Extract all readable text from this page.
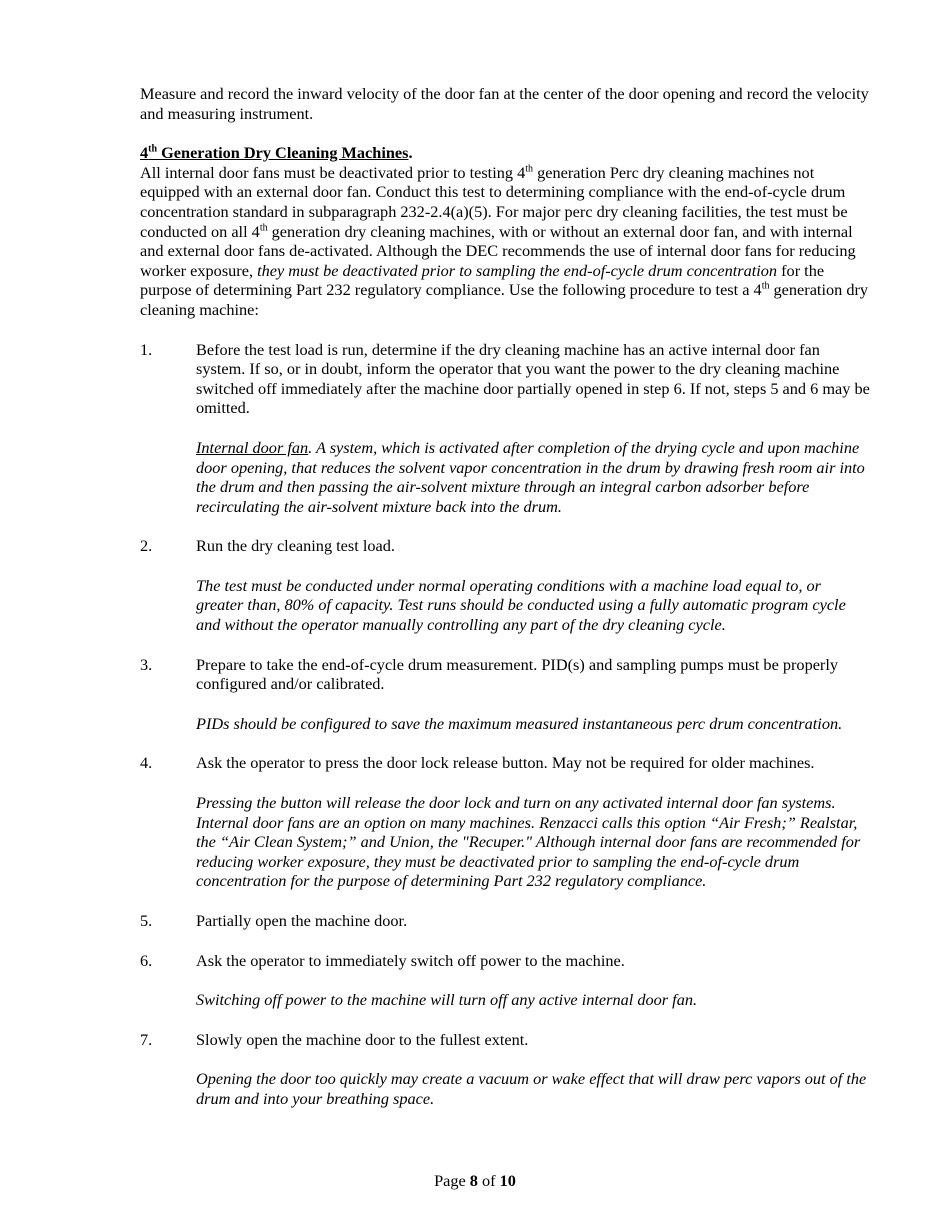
Measure and record the inward velocity of the door fan at the center of the door opening and record the velocity and measuring instrument.

4th Generation Dry Cleaning Machines.

All internal door fans must be deactivated prior to testing 4th generation Perc dry cleaning machines not equipped with an external door fan. Conduct this test to determining compliance with the end-of-cycle drum concentration standard in subparagraph 232-2.4(a)(5). For major perc dry cleaning facilities, the test must be conducted on all 4th generation dry cleaning machines, with or without an external door fan, and with internal and external door fans de-activated. Although the DEC recommends the use of internal door fans for reducing worker exposure, they must be deactivated prior to sampling the end-of-cycle drum concentration for the purpose of determining Part 232 regulatory compliance. Use the following procedure to test a 4th generation dry cleaning machine:

1.	Before the test load is run, determine if the dry cleaning machine has an active internal door fan system. If so, or in doubt, inform the operator that you want the power to the dry cleaning machine switched off immediately after the machine door partially opened in step 6. If not, steps 5 and 6 may be omitted.

Internal door fan. A system, which is activated after completion of the drying cycle and upon machine door opening, that reduces the solvent vapor concentration in the drum by drawing fresh room air into the drum and then passing the air-solvent mixture through an integral carbon adsorber before recirculating the air-solvent mixture back into the drum.

2.	Run the dry cleaning test load.

The test must be conducted under normal operating conditions with a machine load equal to, or greater than, 80% of capacity. Test runs should be conducted using a fully automatic program cycle and without the operator manually controlling any part of the dry cleaning cycle.

3.	Prepare to take the end-of-cycle drum measurement. PID(s) and sampling pumps must be properly configured and/or calibrated.

PIDs should be configured to save the maximum measured instantaneous perc drum concentration.

4.	Ask the operator to press the door lock release button. May not be required for older machines.

Pressing the button will release the door lock and turn on any activated internal door fan systems. Internal door fans are an option on many machines. Renzacci calls this option “Air Fresh;” Realstar, the “Air Clean System;” and Union, the "Recuper." Although internal door fans are recommended for reducing worker exposure, they must be deactivated prior to sampling the end-of-cycle drum concentration for the purpose of determining Part 232 regulatory compliance.

5.	Partially open the machine door.
6.	Ask the operator to immediately switch off power to the machine.

Switching off power to the machine will turn off any active internal door fan.

7.	Slowly open the machine door to the fullest extent.

Opening the door too quickly may create a vacuum or wake effect that will draw perc vapors out of the drum and into your breathing space.

Page 8 of 10
